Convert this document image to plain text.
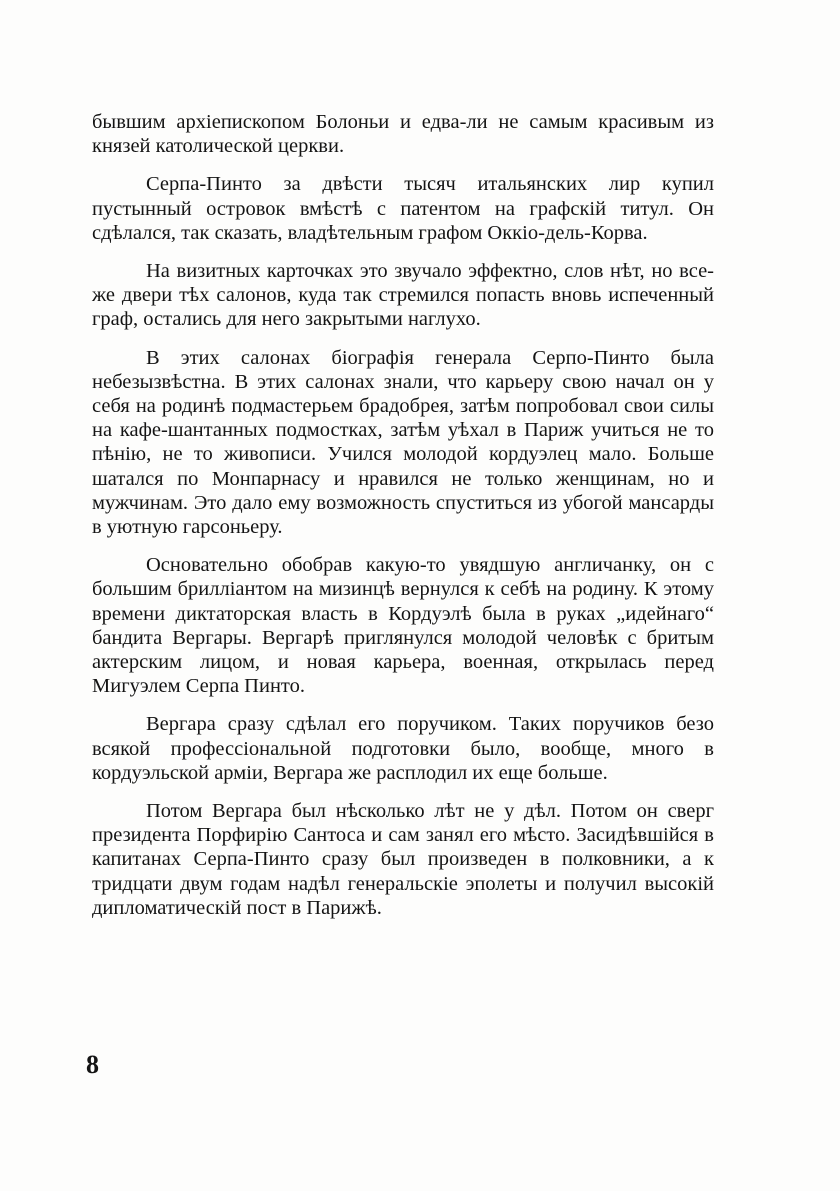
бывшим архіепископом Болоньи и едва-ли не самым красивым из князей католической церкви.

Серпа-Пинто за двѣсти тысяч итальянских лир купил пустынный островок вмѣстѣ с патентом на графскій титул. Он сдѣлался, так сказать, владѣтельным графом Оккіо-дель-Корва.

На визитных карточках это звучало эффектно, слов нѣт, но все-же двери тѣх салонов, куда так стремился попасть вновь испеченный граф, остались для него закрытыми наглухо.

В этих салонах біографія генерала Серпо-Пинто была небезызвѣстна. В этих салонах знали, что карьеру свою начал он у себя на родинѣ подмастерьем брадобрея, затѣм попробовал свои силы на кафе-шантанных подмостках, затѣм уѣхал в Париж учиться не то пѣнію, не то живописи. Учился молодой кордуэлец мало. Больше шатался по Монпарнасу и нравился не только женщинам, но и мужчинам. Это дало ему возможность спуститься из убогой мансарды в уютную гарсоньеру.

Основательно обобрав какую-то увядшую англичанку, он с большим бриллiантом на мизинцѣ вернулся к себѣ на родину. К этому времени диктаторская власть в Кордуэлѣ была в руках „идейнаго“ бандита Вергары. Вергарѣ приглянулся молодой человѣк с бритым актерским лицом, и новая карьера, военная, открылась перед Мигуэлем Серпа Пинто.

Вергара сразу сдѣлал его поручиком. Таких поручиков безо всякой профессіональной подготовки было, вообще, много в кордуэльской арміи, Вергара же расплодил их еще больше.

Потом Вергара был нѣсколько лѣт не у дѣл. Потом он сверг президента Порфирію Сантоса и сам занял его мѣсто. Засидѣвшійся в капитанах Серпа-Пинто сразу был произведен в полковники, а к тридцати двум годам надѣл генеральскіе эполеты и получил высокій дипломатическій пост в Парижѣ.

8
